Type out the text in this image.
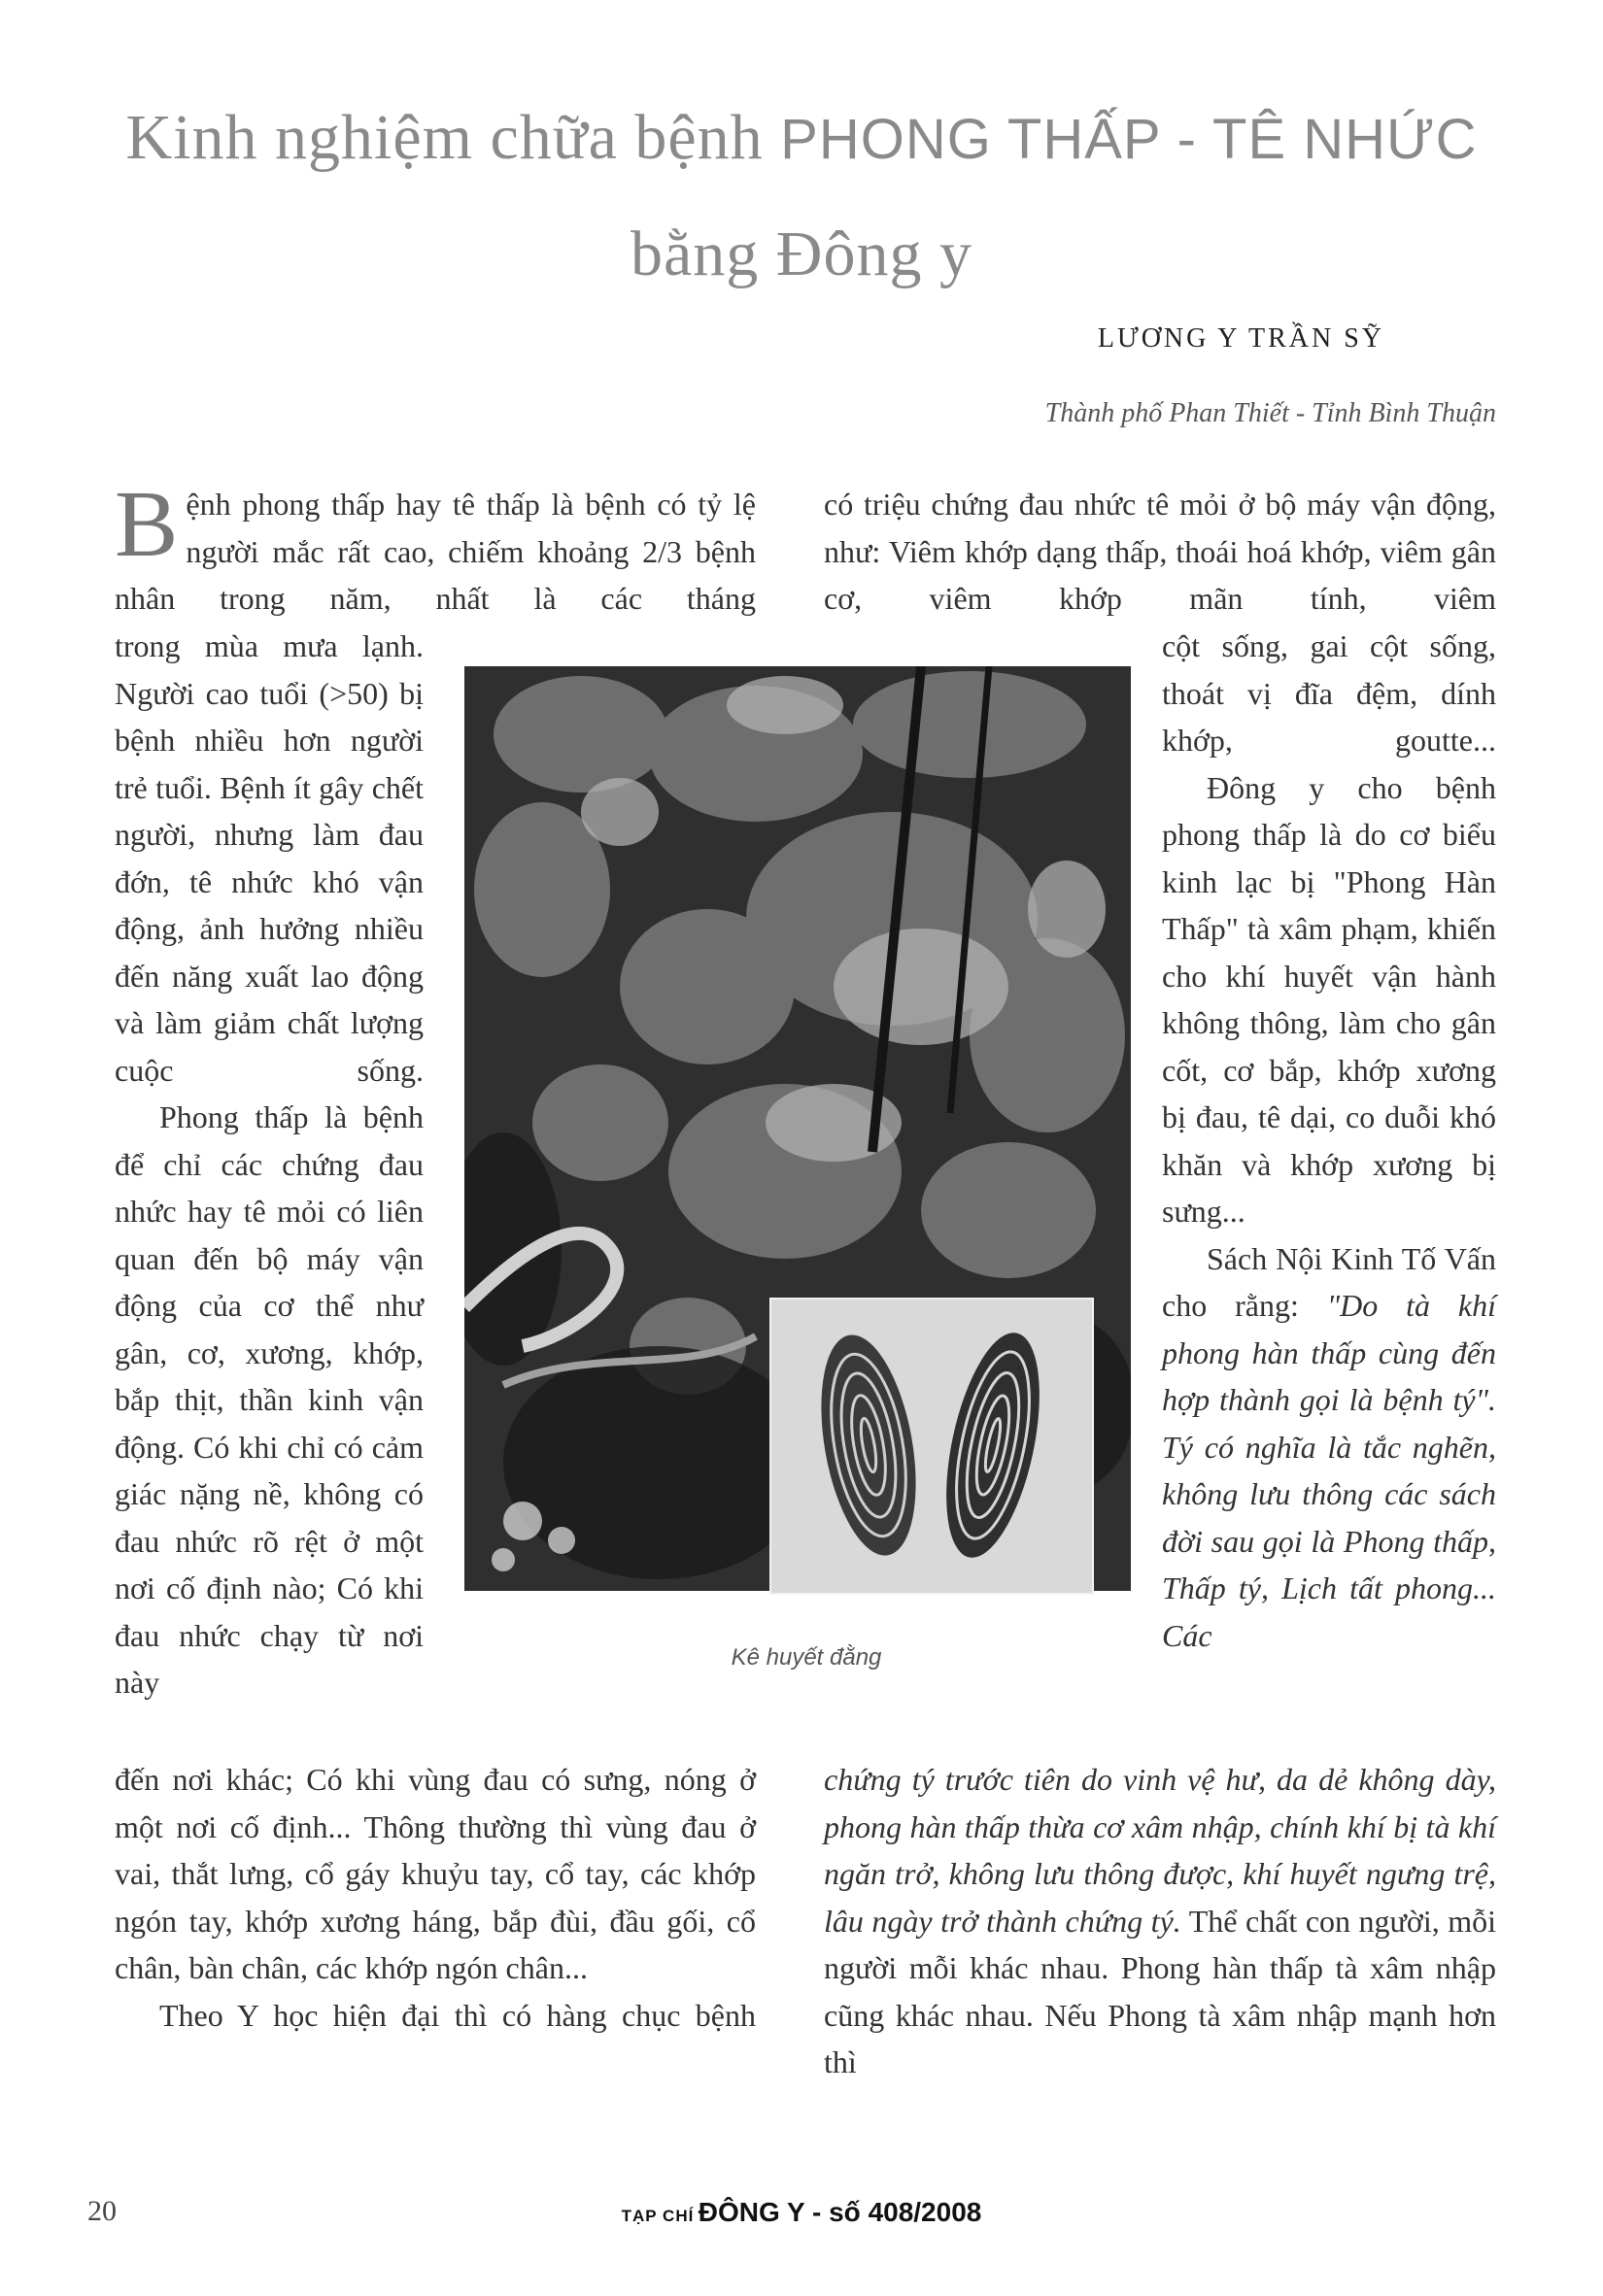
Kinh nghiệm chữa bệnh PHONG THẤP - TÊ NHỨC
bằng Đông y
LƯƠNG Y TRẦN SỸ
Thành phố Phan Thiết - Tỉnh Bình Thuận

Bệnh phong thấp hay tê thấp là bệnh có tỷ lệ người mắc rất cao, chiếm khoảng 2/3 bệnh nhân trong năm, nhất là các tháng

trong mùa mưa lạnh. Người cao tuổi (>50) bị bệnh nhiều hơn người trẻ tuổi. Bệnh ít gây chết người, nhưng làm đau đớn, tê nhức khó vận động, ảnh hưởng nhiều đến năng xuất lao động và làm giảm chất lượng cuộc sống.

Phong thấp là bệnh để chỉ các chứng đau nhức hay tê mỏi có liên quan đến bộ máy vận động của cơ thể như gân, cơ, xương, khớp, bắp thịt, thần kinh vận động. Có khi chỉ có cảm giác nặng nề, không có đau nhức rõ rệt ở một nơi cố định nào; Có khi đau nhức chạy từ nơi này

đến nơi khác; Có khi vùng đau có sưng, nóng ở một nơi cố định... Thông thường thì vùng đau ở vai, thắt lưng, cổ gáy khuỷu tay, cổ tay, các khớp ngón tay, khớp xương háng, bắp đùi, đầu gối, cổ chân, bàn chân, các khớp ngón chân...

Theo Y học hiện đại thì có hàng chục bệnh

có triệu chứng đau nhức tê mỏi ở bộ máy vận động, như: Viêm khớp dạng thấp, thoái hoá khớp, viêm gân cơ, viêm khớp mãn tính, viêm

cột sống, gai cột sống, thoát vị đĩa đệm, dính khớp, goutte...

Đông y cho bệnh phong thấp là do cơ biểu kinh lạc bị "Phong Hàn Thấp" tà xâm phạm, khiến cho khí huyết vận hành không thông, làm cho gân cốt, cơ bắp, khớp xương bị đau, tê dại, co duỗi khó khăn và khớp xương bị sưng...

Sách Nội Kinh Tố Vấn cho rằng: "Do tà khí phong hàn thấp cùng đến hợp thành gọi là bệnh tý". Tý có nghĩa là tắc nghẽn, không lưu thông các sách đời sau gọi là Phong thấp, Thấp tý, Lịch tất phong... Các

chứng tý trước tiên do vinh vệ hư, da dẻ không dày, phong hàn thấp thừa cơ xâm nhập, chính khí bị tà khí ngăn trở, không lưu thông được, khí huyết ngưng trệ, lâu ngày trở thành chứng tý. Thể chất con người, mỗi người mỗi khác nhau. Phong hàn thấp tà xâm nhập cũng khác nhau. Nếu Phong tà xâm nhập mạnh hơn thì

Kê huyết đằng
20	TẠP CHÍ ĐÔNG Y - số 408/2008
